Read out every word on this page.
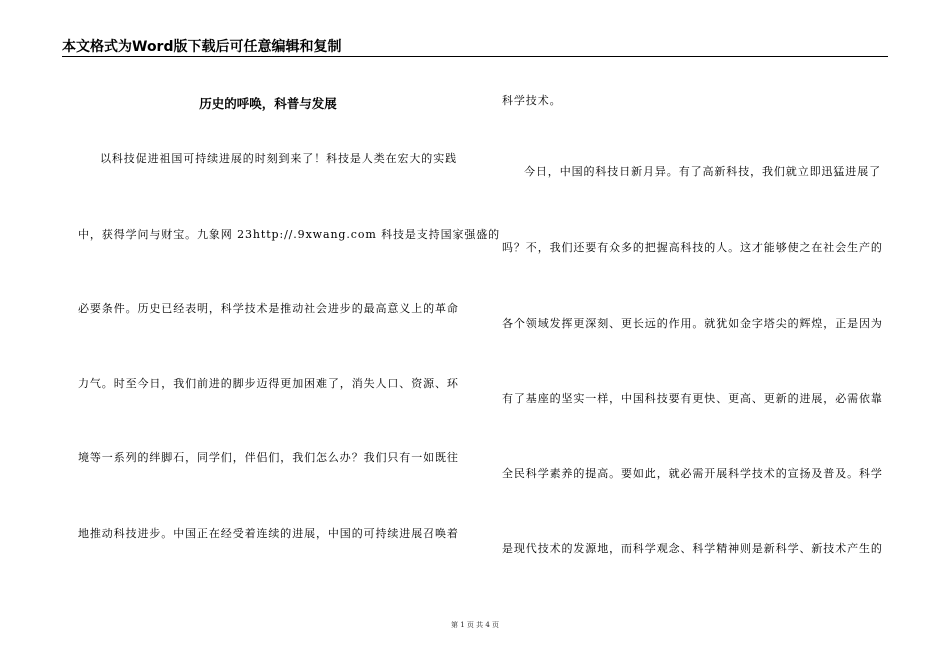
本文格式为Word版下载后可任意编辑和复制
历史的呼唤，科普与发展
以科技促进祖国可持续进展的时刻到来了！科技是人类在宏大的实践
中，获得学问与财宝。九象网 23http://.9xwang.com 科技是支持国家强盛的
必要条件。历史已经表明，科学技术是推动社会进步的最高意义上的革命
力气。时至今日，我们前进的脚步迈得更加困难了，消失人口、资源、环
境等一系列的绊脚石，同学们，伴侣们，我们怎么办？我们只有一如既往
地推动科技进步。中国正在经受着连续的进展，中国的可持续进展召唤着
科学技术。
今日，中国的科技日新月异。有了高新科技，我们就立即迅猛进展了
吗？不，我们还要有众多的把握高科技的人。这才能够使之在社会生产的
各个领域发挥更深刻、更长远的作用。就犹如金字塔尖的辉煌，正是因为
有了基座的坚实一样，中国科技要有更快、更高、更新的进展，必需依靠
全民科学素养的提高。要如此，就必需开展科学技术的宣扬及普及。科学
是现代技术的发源地，而科学观念、科学精神则是新科学、新技术产生的
第 1 页 共 4 页
